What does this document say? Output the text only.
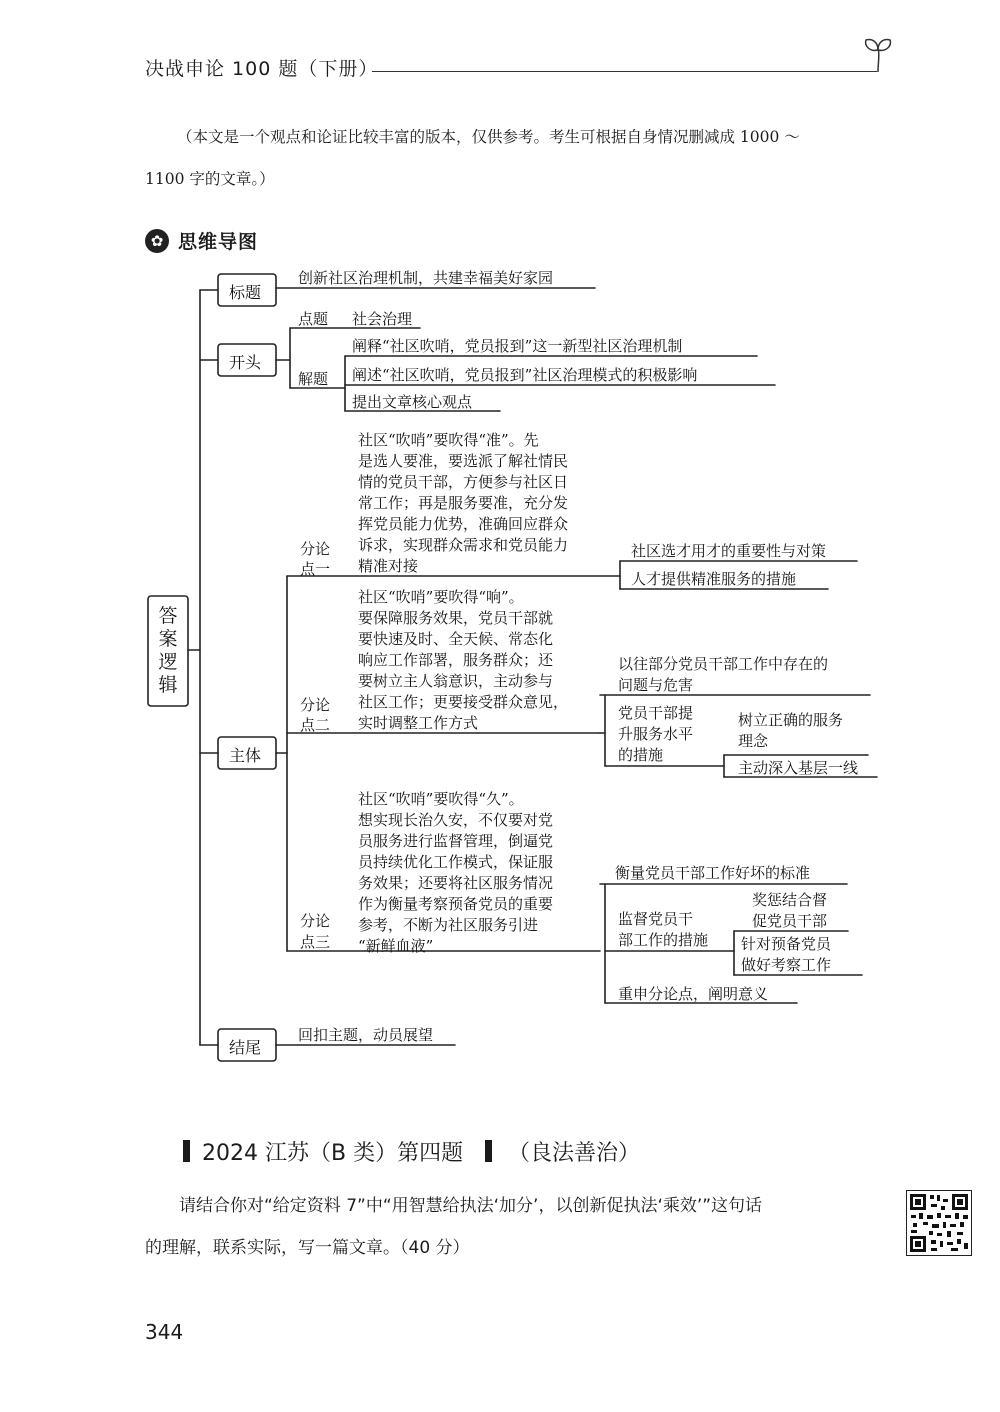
决战申论 100 题（下册）
（本文是一个观点和论证比较丰富的版本，仅供参考。考生可根据自身情况删减成 1000 ～
1100 字的文章。）
✿ 思维导图
答案逻辑
标题
创新社区治理机制，共建幸福美好家园
开头
点题 社会治理
解题
阐释“社区吹哨，党员报到”这一新型社区治理机制
阐述“社区吹哨，党员报到”社区治理模式的积极影响
提出文章核心观点
主体
分论
点一
社区“吹哨”要吹得“准”。先
是选人要准，要选派了解社情民
情的党员干部，方便参与社区日
常工作；再是服务要准，充分发
挥党员能力优势，准确回应群众
诉求，实现群众需求和党员能力
精准对接
社区选才用才的重要性与对策
人才提供精准服务的措施
分论
点二
社区“吹哨”要吹得“响”。
要保障服务效果，党员干部就
要快速及时、全天候、常态化
响应工作部署，服务群众；还
要树立主人翁意识，主动参与
社区工作；更要接受群众意见，
实时调整工作方式
以往部分党员干部工作中存在的
问题与危害
党员干部提
升服务水平
的措施
树立正确的服务
理念
主动深入基层一线
分论
点三
社区“吹哨”要吹得“久”。
想实现长治久安，不仅要对党
员服务进行监督管理，倒逼党
员持续优化工作模式，保证服
务效果；还要将社区服务情况
作为衡量考察预备党员的重要
参考，不断为社区服务引进
“新鲜血液”
衡量党员干部工作好坏的标准
监督党员干
部工作的措施
奖惩结合督
促党员干部
针对预备党员
做好考察工作
重申分论点，阐明意义
结尾
回扣主题，动员展望
2024 江苏（B 类）第四题 （良法善治）
请结合你对“给定资料 7”中“用智慧给执法‘加分’，以创新促执法‘乘效’”这句话
的理解，联系实际，写一篇文章。（40 分）
344
